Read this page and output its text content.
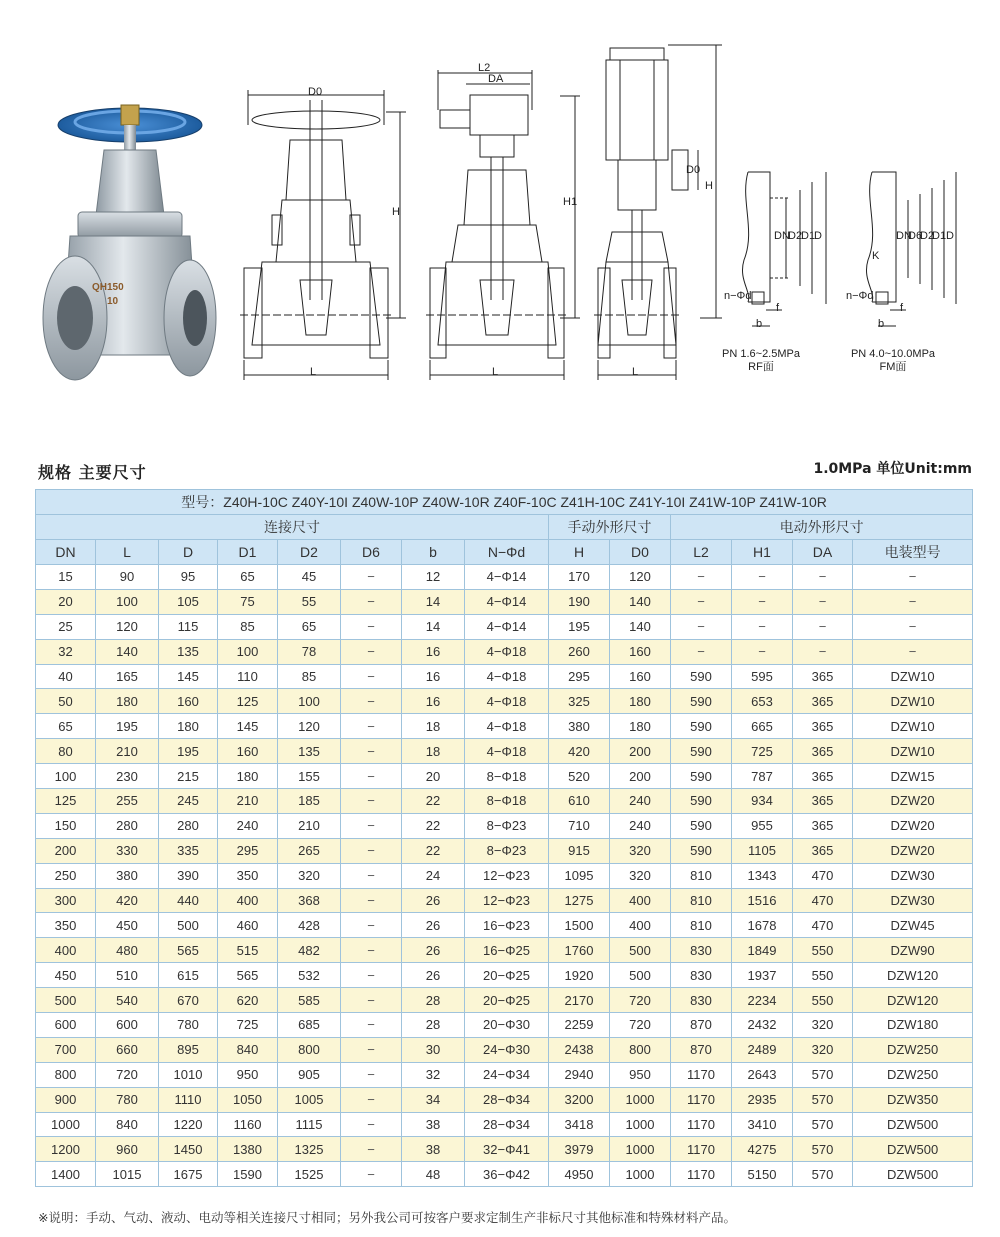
QH150
10
D0
H
L
L2
DA
H1
L
D0
H
L
DN
D2
D1
D
n−Φd
b
f
DN
D6
D2
D1 D
K
n−Φd
b
f
PN 1.6~2.5MPa
RF面
PN 4.0~10.0MPa
FM面
规格 主要尺寸	1.0MPa 单位Unit:mm
型号：Z40H-10C Z40Y-10I Z40W-10P Z40W-10R Z40F-10C Z41H-10C Z41Y-10I Z41W-10P Z41W-10R													
连接尺寸								手动外形尺寸		电动外形尺寸			
DN	L	D	D1	D2	D6	b	N−Φd	H	D0	L2	H1	DA	电装型号
15	90	95	65	45	−	12	4−Φ14	170	120	−	−	−	−
20	100	105	75	55	−	14	4−Φ14	190	140	−	−	−	−
25	120	115	85	65	−	14	4−Φ14	195	140	−	−	−	−
32	140	135	100	78	−	16	4−Φ18	260	160	−	−	−	−
40	165	145	110	85	−	16	4−Φ18	295	160	590	595	365	DZW10
50	180	160	125	100	−	16	4−Φ18	325	180	590	653	365	DZW10
65	195	180	145	120	−	18	4−Φ18	380	180	590	665	365	DZW10
80	210	195	160	135	−	18	4−Φ18	420	200	590	725	365	DZW10
100	230	215	180	155	−	20	8−Φ18	520	200	590	787	365	DZW15
125	255	245	210	185	−	22	8−Φ18	610	240	590	934	365	DZW20
150	280	280	240	210	−	22	8−Φ23	710	240	590	955	365	DZW20
200	330	335	295	265	−	22	8−Φ23	915	320	590	1105	365	DZW20
250	380	390	350	320	−	24	12−Φ23	1095	320	810	1343	470	DZW30
300	420	440	400	368	−	26	12−Φ23	1275	400	810	1516	470	DZW30
350	450	500	460	428	−	26	16−Φ23	1500	400	810	1678	470	DZW45
400	480	565	515	482	−	26	16−Φ25	1760	500	830	1849	550	DZW90
450	510	615	565	532	−	26	20−Φ25	1920	500	830	1937	550	DZW120
500	540	670	620	585	−	28	20−Φ25	2170	720	830	2234	550	DZW120
600	600	780	725	685	−	28	20−Φ30	2259	720	870	2432	320	DZW180
700	660	895	840	800	−	30	24−Φ30	2438	800	870	2489	320	DZW250
800	720	1010	950	905	−	32	24−Φ34	2940	950	1170	2643	570	DZW250
900	780	1110	1050	1005	−	34	28−Φ34	3200	1000	1170	2935	570	DZW350
1000	840	1220	1160	1115	−	38	28−Φ34	3418	1000	1170	3410	570	DZW500
1200	960	1450	1380	1325	−	38	32−Φ41	3979	1000	1170	4275	570	DZW500
1400	1015	1675	1590	1525	−	48	36−Φ42	4950	1000	1170	5150	570	DZW500
※说明：手动、气动、液动、电动等相关连接尺寸相同；另外我公司可按客户要求定制生产非标尺寸其他标准和特殊材料产品。
